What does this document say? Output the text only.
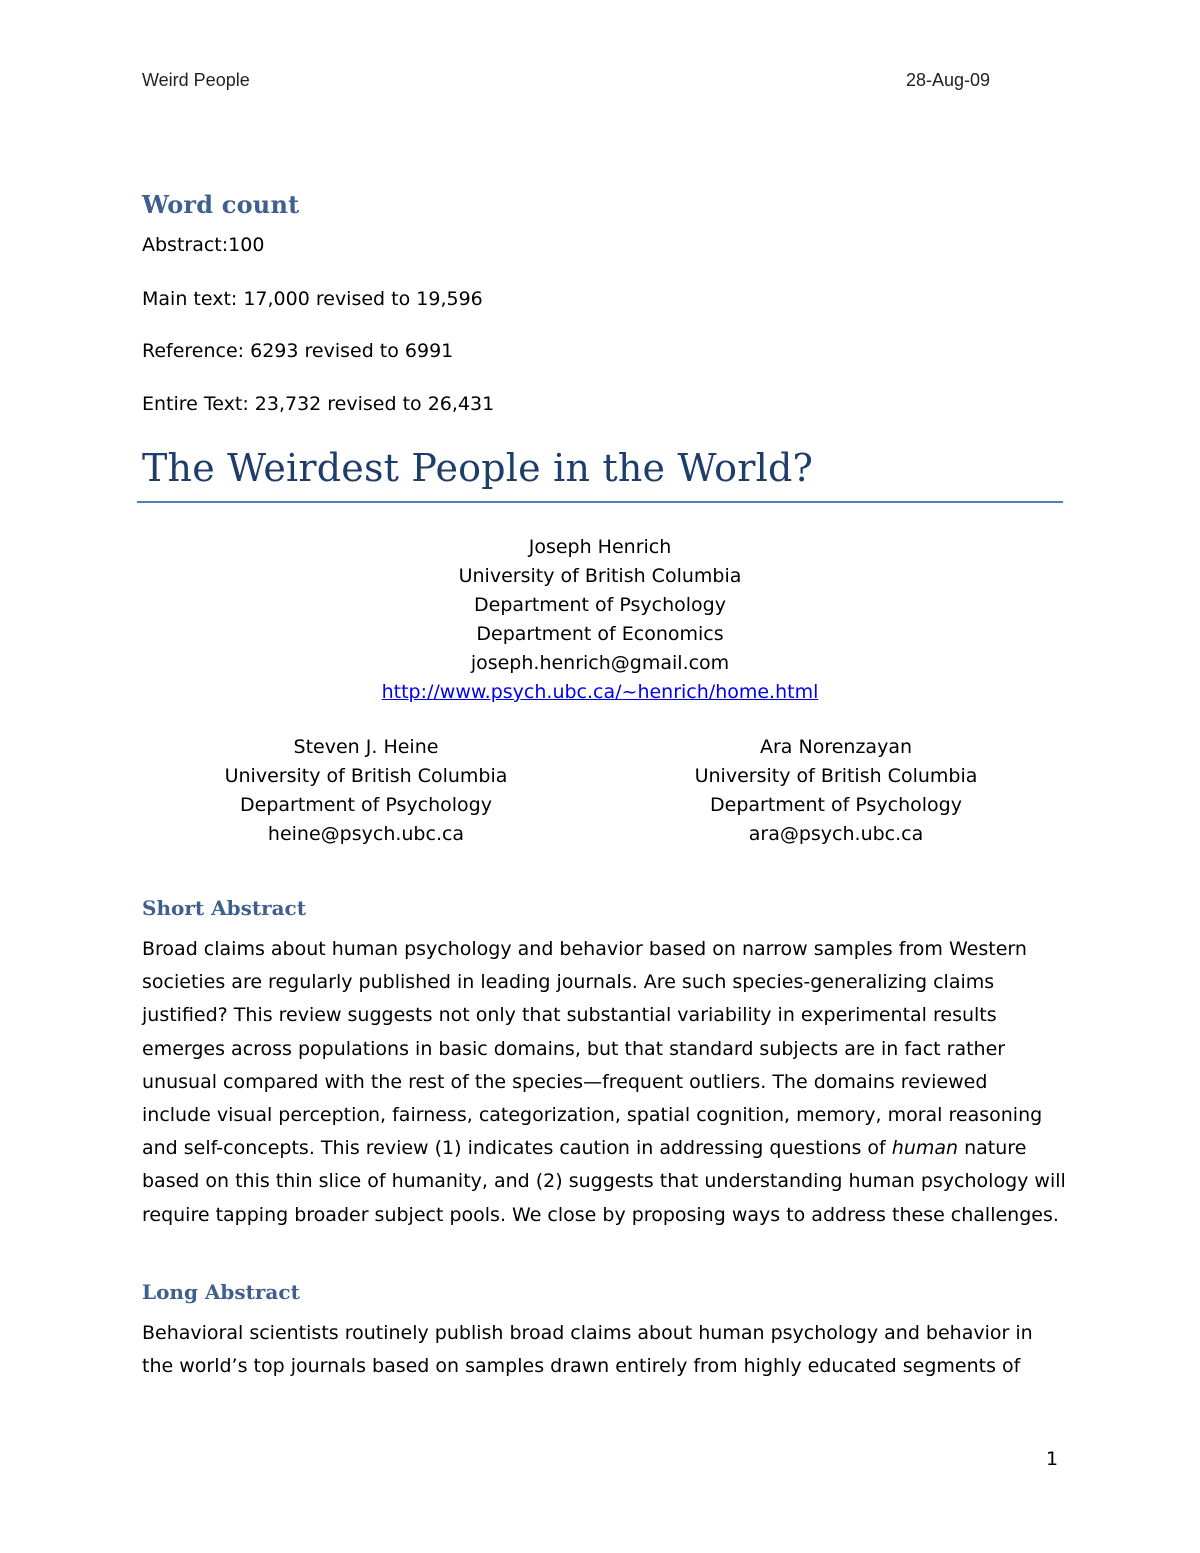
Weird People	28-Aug-09
Word count
Abstract:100
Main text: 17,000 revised to 19,596
Reference: 6293 revised to 6991
Entire Text: 23,732 revised to 26,431
The Weirdest People in the World?
Joseph Henrich
University of British Columbia
Department of Psychology
Department of Economics
joseph.henrich@gmail.com
http://www.psych.ubc.ca/~henrich/home.html
Steven J. Heine
University of British Columbia
Department of Psychology
heine@psych.ubc.ca
Ara Norenzayan
University of British Columbia
Department of Psychology
ara@psych.ubc.ca
Short Abstract
Broad claims about human psychology and behavior based on narrow samples from Western
societies are regularly published in leading journals. Are such species-generalizing claims
justified? This review suggests not only that substantial variability in experimental results
emerges across populations in basic domains, but that standard subjects are in fact rather
unusual compared with the rest of the species—frequent outliers. The domains reviewed
include visual perception, fairness, categorization, spatial cognition, memory, moral reasoning
and self-concepts. This review (1) indicates caution in addressing questions of human nature
based on this thin slice of humanity, and (2) suggests that understanding human psychology will
require tapping broader subject pools. We close by proposing ways to address these challenges.
Long Abstract
Behavioral scientists routinely publish broad claims about human psychology and behavior in
the world’s top journals based on samples drawn entirely from highly educated segments of
1
